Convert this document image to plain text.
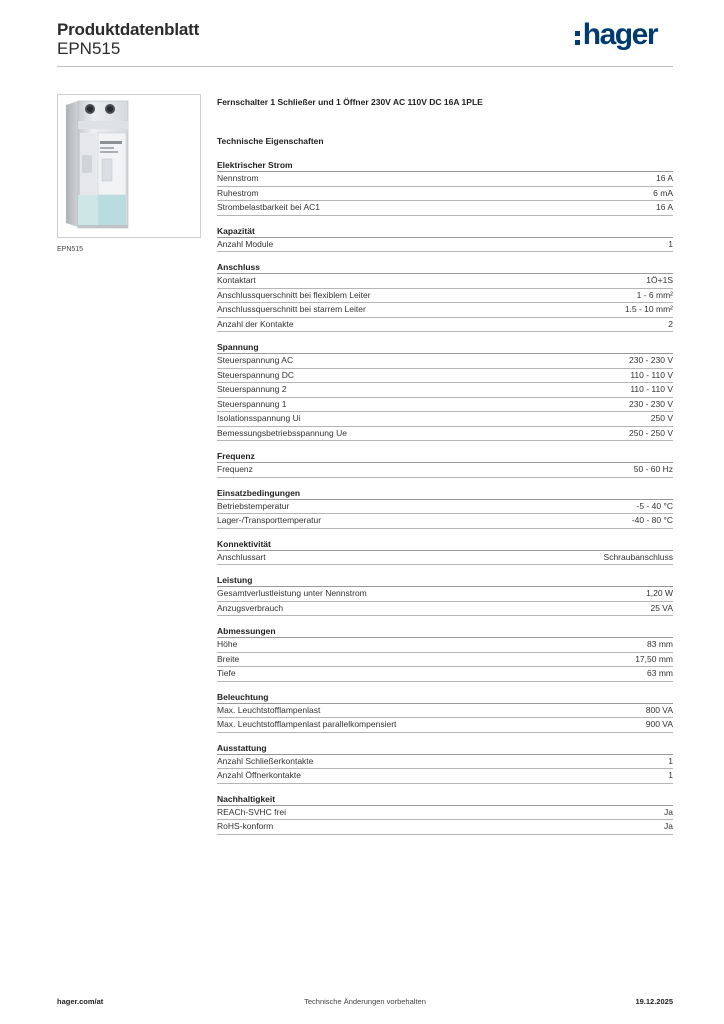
Produktdatenblatt
EPN515	hager
EPN515
Fernschalter 1 Schließer und 1 Öffner 230V AC 110V DC 16A 1PLE
Technische Eigenschaften
Elektrischer Strom
Nennstrom	16 A
Ruhestrom	6 mA
Strombelastbarkeit bei AC1	16 A
Kapazität
Anzahl Module	1
Anschluss
Kontaktart	1Ö+1S
Anschlussquerschnitt bei flexiblem Leiter	1 - 6 mm²
Anschlussquerschnitt bei starrem Leiter	1.5 - 10 mm²
Anzahl der Kontakte	2
Spannung
Steuerspannung AC	230 - 230 V
Steuerspannung DC	110 - 110 V
Steuerspannung 2	110 - 110 V
Steuerspannung 1	230 - 230 V
Isolationsspannung Ui	250 V
Bemessungsbetriebsspannung Ue	250 - 250 V
Frequenz
Frequenz	50 - 60 Hz
Einsatzbedingungen
Betriebstemperatur	-5 - 40 °C
Lager-/Transporttemperatur	-40 - 80 °C
Konnektivität
Anschlussart	Schraubanschluss
Leistung
Gesamtverlustleistung unter Nennstrom	1,20 W
Anzugsverbrauch	25 VA
Abmessungen
Höhe	83 mm
Breite	17,50 mm
Tiefe	63 mm
Beleuchtung
Max. Leuchtstofflampenlast	800 VA
Max. Leuchtstofflampenlast parallelkompensiert	900 VA
Ausstattung
Anzahl Schließerkontakte	1
Anzahl Öffnerkontakte	1
Nachhaltigkeit
REACh-SVHC frei	Ja
RoHS-konform	Ja
hager.com/at	Technische Änderungen vorbehalten	19.12.2025
